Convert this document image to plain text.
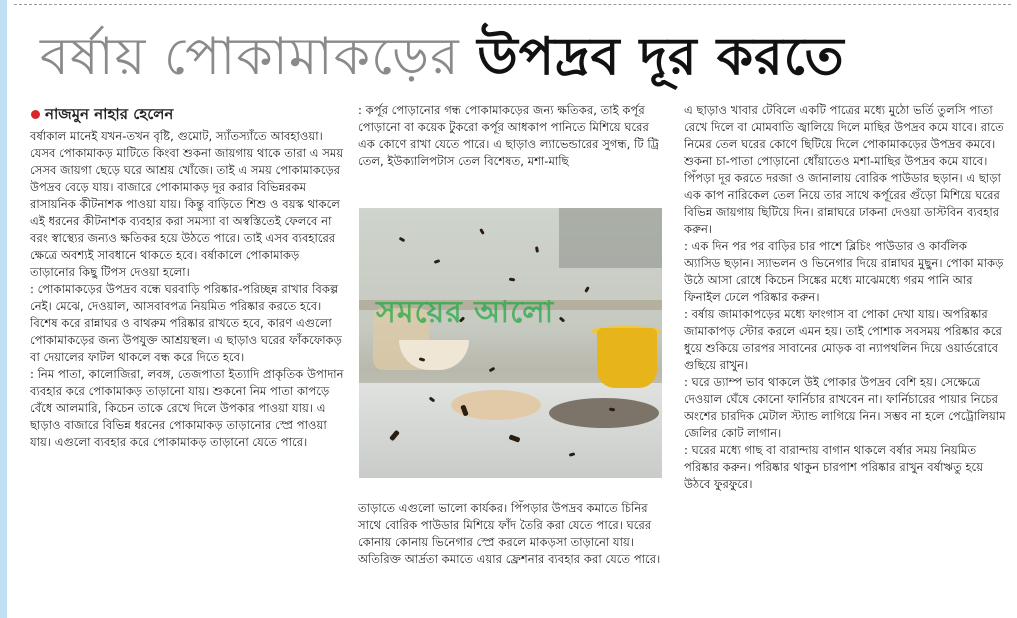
বর্ষায় পোকামাকড়ের উপদ্রব দূর করতে
নাজমুন নাহার হেলেন

বর্ষাকাল মানেই যখন-তখন বৃষ্টি, গুমোট, স্যাঁতস্যাঁতে আবহাওয়া। যেসব পোকামাকড় মাটিতে কিংবা শুকনা জায়গায় থাকে তারা এ সময় সেসব জায়গা ছেড়ে ঘরে আশ্রয় খোঁজে। তাই এ সময় পোকামাকড়ের উপদ্রব বেড়ে যায়। বাজারে পোকামাকড় দূর করার বিভিন্নরকম রাসায়নিক কীটনাশক পাওয়া যায়। কিন্তু বাড়িতে শিশু ও বয়স্ক থাকলে এই ধরনের কীটনাশক ব্যবহার করা সমস্যা বা অস্বস্তিতেই ফেলবে না বরং স্বাস্থ্যের জন্যও ক্ষতিকর হয়ে উঠতে পারে। তাই এসব ব্যবহারের ক্ষেত্রে অবশ্যই সাবধানে থাকতে হবে। বর্ষাকালে পোকামাকড় তাড়ানোর কিছু টিপস দেওয়া হলো।

: পোকামাকড়ের উপদ্রব বন্ধে ঘরবাড়ি পরিষ্কার-পরিচ্ছন্ন রাখার বিকল্প নেই। মেঝে, দেওয়াল, আসবাবপত্র নিয়মিত পরিষ্কার করতে হবে। বিশেষ করে রান্নাঘর ও বাথরুম পরিষ্কার রাখতে হবে, কারণ এগুলো পোকামাকড়ের জন্য উপযুক্ত আশ্রয়স্থল। এ ছাড়াও ঘরের ফাঁকফোকড় বা দেয়ালের ফাটল থাকলে বন্ধ করে দিতে হবে।

: নিম পাতা, কালোজিরা, লবঙ্গ, তেজপাতা ইত্যাদি প্রাকৃতিক উপাদান ব্যবহার করে পোকামাকড় তাড়ানো যায়। শুকনো নিম পাতা কাপড়ে বেঁধে আলমারি, কিচেন তাকে রেখে দিলে উপকার পাওয়া যায়। এ ছাড়াও বাজারে বিভিন্ন ধরনের পোকামাকড় তাড়ানোর স্প্রে পাওয়া যায়। এগুলো ব্যবহার করে পোকামাকড় তাড়ানো যেতে পারে।

: কর্পূর পোড়ানোর গন্ধ পোকামাকড়ের জন্য ক্ষতিকর, তাই কর্পূর পোড়ানো বা কয়েক টুকরো কর্পূর আধকাপ পানিতে মিশিয়ে ঘরের এক কোণে রাখা যেতে পারে। এ ছাড়াও ল্যাভেন্ডারের সুগন্ধ, টি ট্রি তেল, ইউক্যালিপটাস তেল বিশেষত, মশা-মাছি

সময়ের আলো

তাড়াতে এগুলো ভালো কার্যকর। পিঁপড়ার উপদ্রব কমাতে চিনির সাথে বোরিক পাউডার মিশিয়ে ফাঁদ তৈরি করা যেতে পারে। ঘরের কোনায় কোনায় ভিনেগার স্প্রে করলে মাকড়সা তাড়ানো যায়। অতিরিক্ত আর্দ্রতা কমাতে এয়ার ফ্রেশনার ব্যবহার করা যেতে পারে।

এ ছাড়াও খাবার টেবিলে একটি পাত্রের মধ্যে মুঠো ভর্তি তুলসি পাতা রেখে দিলে বা মোমবাতি জ্বালিয়ে দিলে মাছির উপদ্রব কমে যাবে। রাতে নিমের তেল ঘরের কোণে ছিটিয়ে দিলে পোকামাকড়ের উপদ্রব কমবে। শুকনা চা-পাতা পোড়ানো ধোঁয়াতেও মশা-মাছির উপদ্রব কমে যাবে। পিঁপড়া দূর করতে দরজা ও জানালায় বোরিক পাউডার ছড়ান। এ ছাড়া এক কাপ নারিকেল তেল নিয়ে তার সাথে কর্পূরের গুঁড়ো মিশিয়ে ঘরের বিভিন্ন জায়গায় ছিটিয়ে দিন। রান্নাঘরে ঢাকনা দেওয়া ডাস্টবিন ব্যবহার করুন।

: এক দিন পর পর বাড়ির চার পাশে ব্লিচিং পাউডার ও কার্বলিক অ্যাসিড ছড়ান। স্যাভলন ও ভিনেগার দিয়ে রান্নাঘর মুছুন। পোকা মাকড় উঠে আসা রোধে কিচেন সিঙ্কের মধ্যে মাঝেমধ্যে গরম পানি আর ফিনাইল ঢেলে পরিষ্কার করুন।

: বর্ষায় জামাকাপড়ের মধ্যে ফাংগাস বা পোকা দেখা যায়। অপরিষ্কার জামাকাপড় স্টোর করলে এমন হয়। তাই পোশাক সবসময় পরিষ্কার করে ধুয়ে শুকিয়ে তারপর সাবানের মোড়ক বা ন্যাপথলিন দিয়ে ওয়ার্ডরোবে গুছিয়ে রাখুন।

: ঘরে ড্যাম্প ভাব থাকলে উই পোকার উপদ্রব বেশি হয়। সেক্ষেত্রে দেওয়াল ঘেঁষে কোনো ফার্নিচার রাখবেন না। ফার্নিচারের পায়ার নিচের অংশের চারদিক মেটাল স্ট্যান্ড লাগিয়ে নিন। সম্ভব না হলে পেট্রোলিয়াম জেলির কোট লাগান।

: ঘরের মধ্যে গাছ বা বারান্দায় বাগান থাকলে বর্ষার সময় নিয়মিত পরিষ্কার করুন। পরিষ্কার থাকুন চারপাশ পরিষ্কার রাখুন বর্ষাঋতু হয়ে উঠবে ফুরফুরে।
